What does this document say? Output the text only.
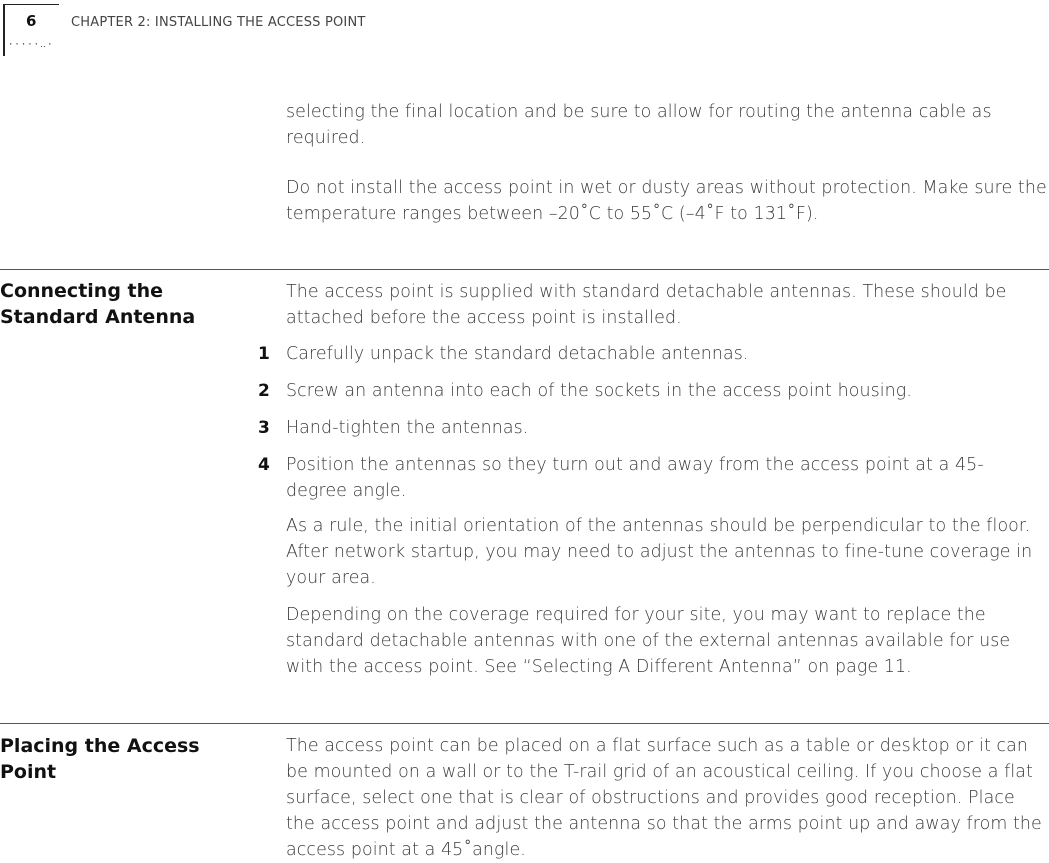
6
·····‥·
CHAPTER 2: INSTALLING THE ACCESS POINT

selecting the final location and be sure to allow for routing the antenna cable as required.

Do not install the access point in wet or dusty areas without protection. Make sure the temperature ranges between –20˚C to 55˚C (–4˚F to 131˚F).

Connecting the Standard Antenna

The access point is supplied with standard detachable antennas. These should be attached before the access point is installed.

1 Carefully unpack the standard detachable antennas.
2 Screw an antenna into each of the sockets in the access point housing.
3 Hand-tighten the antennas.
4 Position the antennas so they turn out and away from the access point at a 45-degree angle.

As a rule, the initial orientation of the antennas should be perpendicular to the floor. After network startup, you may need to adjust the antennas to fine-tune coverage in your area.

Depending on the coverage required for your site, you may want to replace the standard detachable antennas with one of the external antennas available for use with the access point. See “Selecting A Different Antenna” on page 11.

Placing the Access Point

The access point can be placed on a flat surface such as a table or desktop or it can be mounted on a wall or to the T-rail grid of an acoustical ceiling. If you choose a flat surface, select one that is clear of obstructions and provides good reception. Place the access point and adjust the antenna so that the arms point up and away from the access point at a 45˚angle.
